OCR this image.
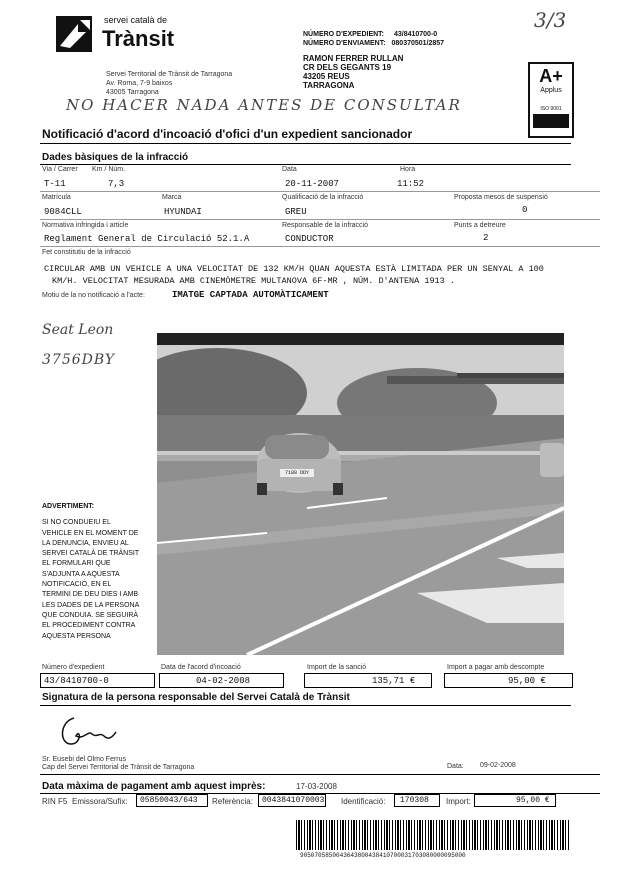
servei català de
Trànsit
Servei Territorial de Trànsit de Tarragona
Av. Roma, 7-9 baixos
43005 Tarragona
3/3
NÚMERO D'EXPEDIENT: 43/8410700-0
NÚMERO D'ENVIAMENT: 080370501/2857
RAMON FERRER RULLAN
CR DELS GEGANTS 19
43205 REUS
TARRAGONA	A+
Applus
ISO 9001
NO HACER NADA ANTES DE CONSULTAR
Notificació d'acord d'incoació d'ofici d'un expedient sancionador
Dades bàsiques de la infracció
Via / Carrer Km / Núm.	Data	Hora
T-11	7,3	20-11-2007	11:52
Matrícula	Marca	Qualificació de la infracció	Proposta mesos de suspensió
9084CLL	HYUNDAI	GREU	0
Normativa infringida i article	Responsable de la infracció	Punts a detreure
Reglament General de Circulació 52.1.A	CONDUCTOR	2
Fet constitutiu de la infracció
CIRCULAR AMB UN VEHICLE A UNA VELOCITAT DE 132 KM/H QUAN AQUESTA ESTÀ LIMITADA PER UN SENYAL A 100
KM/H. VELOCITAT MESURADA AMB CINEMÒMETRE MULTANOVA 6F-MR , NÚM. D'ANTENA 1913 .
Motiu de la no notificació a l'acte:	IMATGE CAPTADA AUTOMÀTICAMENT
Seat Leon
3756DBY
7188 DDY
ADVERTIMENT:
SI NO CONDUEIU EL
VEHICLE EN EL MOMENT DE
LA DENUNCIA, ENVIEU AL
SERVEI CATALÀ DE TRÀNSIT
EL FORMULARI QUE
S'ADJUNTA A AQUESTA
NOTIFICACIÓ, EN EL
TERMINI DE DEU DIES I AMB
LES DADES DE LA PERSONA
QUE CONDUIA. SE SEGUIRÀ
EL PROCEDIMENT CONTRA
AQUESTA PERSONA
Número d'expedient	Data de l'acord d'incoació	Import de la sanció	Import a pagar amb descompte
43/8410700-0	04-02-2008	135,71 €	95,00 €
Signatura de la persona responsable del Servei Català de Trànsit
Sr. Eusebi del Olmo Ferrus
Cap del Servei Territorial de Trànsit de Tarragona	Data: 09-02-2008
Data màxima de pagament amb aquest imprès:	17-03-2008
RIN F5 Emissora/Sufix: 05850043/643 Referència: 0043841070003 Identificació: 170308 Import:	95,00 €
9050705850043643800438410700031703080000095000
